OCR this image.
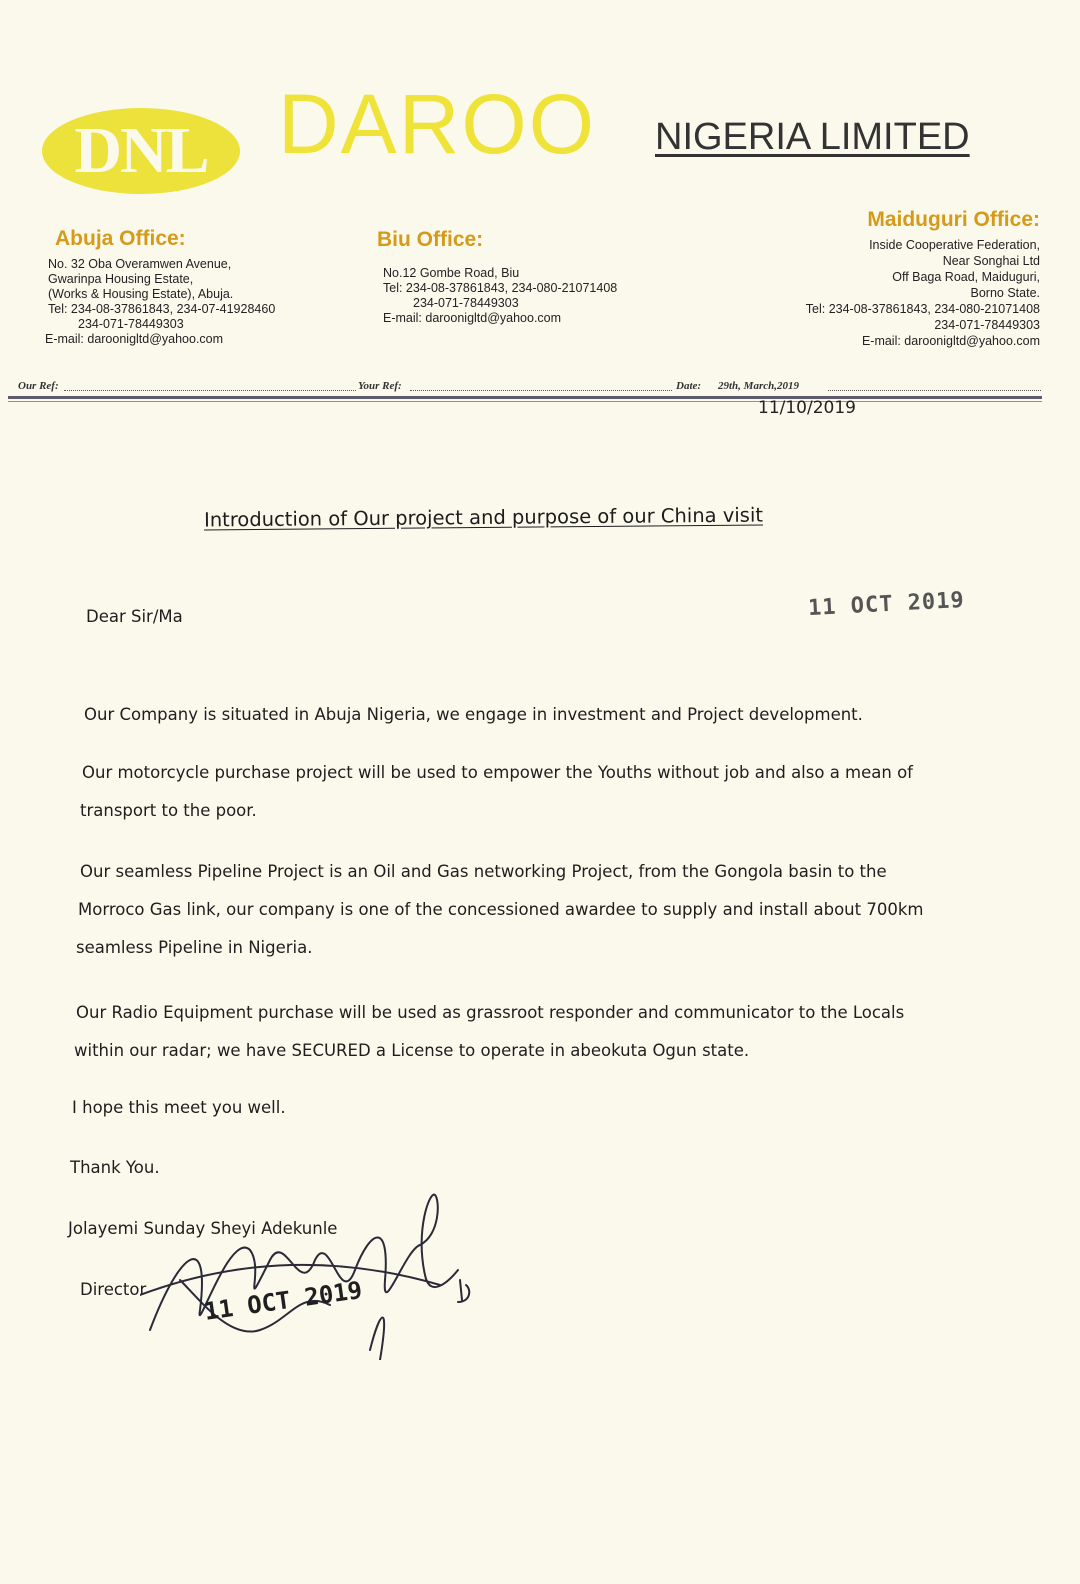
DNL DAROO NIGERIA LIMITED
Abuja Office:
No. 32 Oba Overamwen Avenue,
Gwarinpa Housing Estate,
(Works & Housing Estate), Abuja.
Tel: 234-08-37861843, 234-07-41928460
234-071-78449303
E-mail: daroonigltd@yahoo.com
Biu Office:
No.12 Gombe Road, Biu
Tel: 234-08-37861843, 234-080-21071408
234-071-78449303
E-mail: daroonigltd@yahoo.com
Maiduguri Office:
Inside Cooperative Federation,
Near Songhai Ltd
Off Baga Road, Maiduguri,
Borno State.
Tel: 234-08-37861843, 234-080-21071408
234-071-78449303
E-mail: daroonigltd@yahoo.com
Our Ref:	Your Ref:	Date: 29th, March,2019
11/10/2019
Introduction of Our project and purpose of our China visit
Dear Sir/Ma	11 OCT 2019
Our Company is situated in Abuja Nigeria, we engage in investment and Project development.
Our motorcycle purchase project will be used to empower the Youths without job and also a mean of
transport to the poor.
Our seamless Pipeline Project is an Oil and Gas networking Project, from the Gongola basin to the
Morroco Gas link, our company is one of the concessioned awardee to supply and install about 700km
seamless Pipeline in Nigeria.
Our Radio Equipment purchase will be used as grassroot responder and communicator to the Locals
within our radar; we have SECURED a License to operate in abeokuta Ogun state.
I hope this meet you well.
Thank You.
Jolayemi Sunday Sheyi Adekunle
Director 11 OCT 2019
